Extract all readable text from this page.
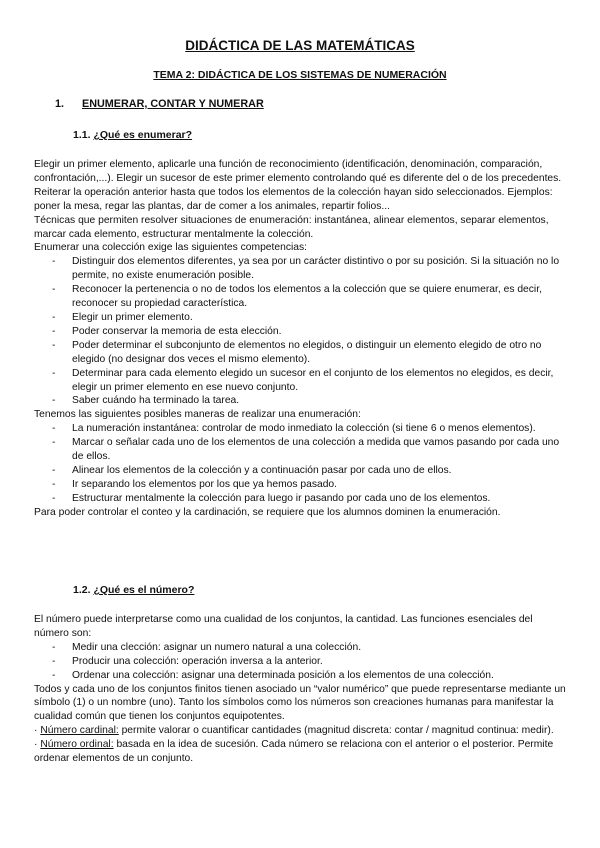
DIDÁCTICA DE LAS MATEMÁTICAS
TEMA 2: DIDÁCTICA DE LOS SISTEMAS DE NUMERACIÓN
1. ENUMERAR, CONTAR Y NUMERAR
1.1. ¿Qué es enumerar?

Elegir un primer elemento, aplicarle una función de reconocimiento (identificación, denominación, comparación, confrontación,...). Elegir un sucesor de este primer elemento controlando qué es diferente del o de los precedentes. Reiterar la operación anterior hasta que todos los elementos de la colección hayan sido seleccionados. Ejemplos: poner la mesa, regar las plantas, dar de comer a los animales, repartir folios...

Técnicas que permiten resolver situaciones de enumeración: instantánea, alinear elementos, separar elementos, marcar cada elemento, estructurar mentalmente la colección.

Enumerar una colección exige las siguientes competencias:

- Distinguir dos elementos diferentes, ya sea por un carácter distintivo o por su posición. Si la situación no lo permite, no existe enumeración posible.
- Reconocer la pertenencia o no de todos los elementos a la colección que se quiere enumerar, es decir, reconocer su propiedad característica.
- Elegir un primer elemento.
- Poder conservar la memoria de esta elección.
- Poder determinar el subconjunto de elementos no elegidos, o distinguir un elemento elegido de otro no elegido (no designar dos veces el mismo elemento).
- Determinar para cada elemento elegido un sucesor en el conjunto de los elementos no elegidos, es decir, elegir un primer elemento en ese nuevo conjunto.
- Saber cuándo ha terminado la tarea.

Tenemos las siguientes posibles maneras de realizar una enumeración:

- La numeración instantánea: controlar de modo inmediato la colección (si tiene 6 o menos elementos).
- Marcar o señalar cada uno de los elementos de una colección a medida que vamos pasando por cada uno de ellos.
- Alinear los elementos de la colección y a continuación pasar por cada uno de ellos.
- Ir separando los elementos por los que ya hemos pasado.
- Estructurar mentalmente la colección para luego ir pasando por cada uno de los elementos.

Para poder controlar el conteo y la cardinación, se requiere que los alumnos dominen la enumeración.

1.2. ¿Qué es el número?

El número puede interpretarse como una cualidad de los conjuntos, la cantidad. Las funciones esenciales del número son:

- Medir una clección: asignar un numero natural a una colección.
- Producir una colección: operación inversa a la anterior.
- Ordenar una colección: asignar una determinada posición a los elementos de una colección.

Todos y cada uno de los conjuntos finitos tienen asociado un “valor numérico” que puede representarse mediante un símbolo (1) o un nombre (uno). Tanto los símbolos como los números son creaciones humanas para manifestar la cualidad común que tienen los conjuntos equipotentes.

· Número cardinal: permite valorar o cuantificar cantidades (magnitud discreta: contar / magnitud continua: medir).

· Número ordinal: basada en la idea de sucesión. Cada número se relaciona con el anterior o el posterior. Permite ordenar elementos de un conjunto.
